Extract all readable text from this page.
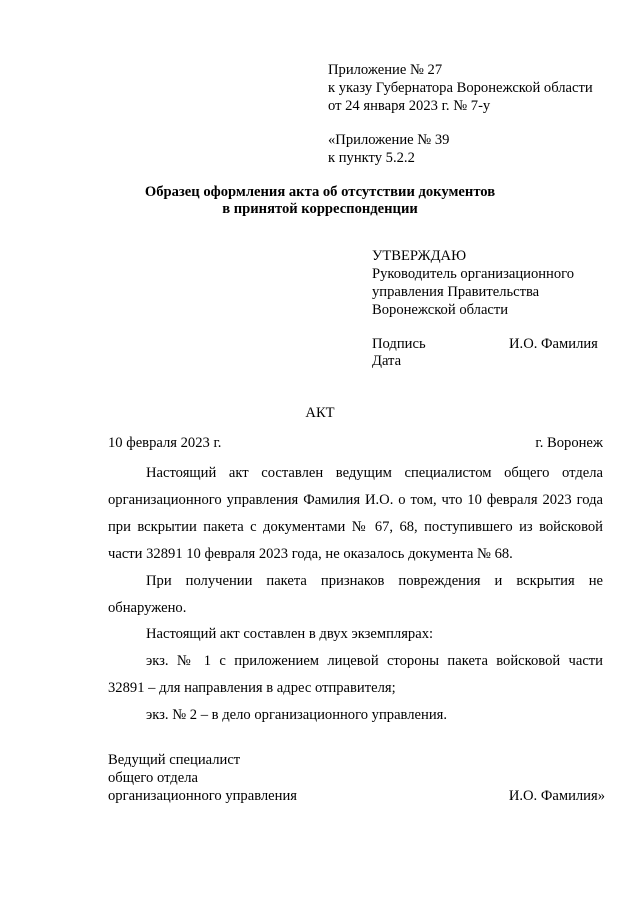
Приложение № 27
к указу Губернатора Воронежской области
от 24 января 2023 г. № 7-у
«Приложение № 39
к пункту 5.2.2
Образец оформления акта об отсутствии документов
в принятой корреспонденции
УТВЕРЖДАЮ
Руководитель организационного
управления Правительства
Воронежской области
Подпись	И.О. Фамилия
Дата
АКТ
10 февраля 2023 г.	г. Воронеж
Настоящий акт составлен ведущим специалистом общего отдела
организационного управления Фамилия И.О. о том, что 10 февраля 2023 года
при вскрытии пакета с документами № 67, 68, поступившего из войсковой
части 32891 10 февраля 2023 года, не оказалось документа № 68.
При получении пакета признаков повреждения и вскрытия не
обнаружено.
Настоящий акт составлен в двух экземплярах:
экз. № 1 с приложением лицевой стороны пакета войсковой части
32891 – для направления в адрес отправителя;
экз. № 2 – в дело организационного управления.
Ведущий специалист
общего отдела
организационного управления	И.О. Фамилия»
